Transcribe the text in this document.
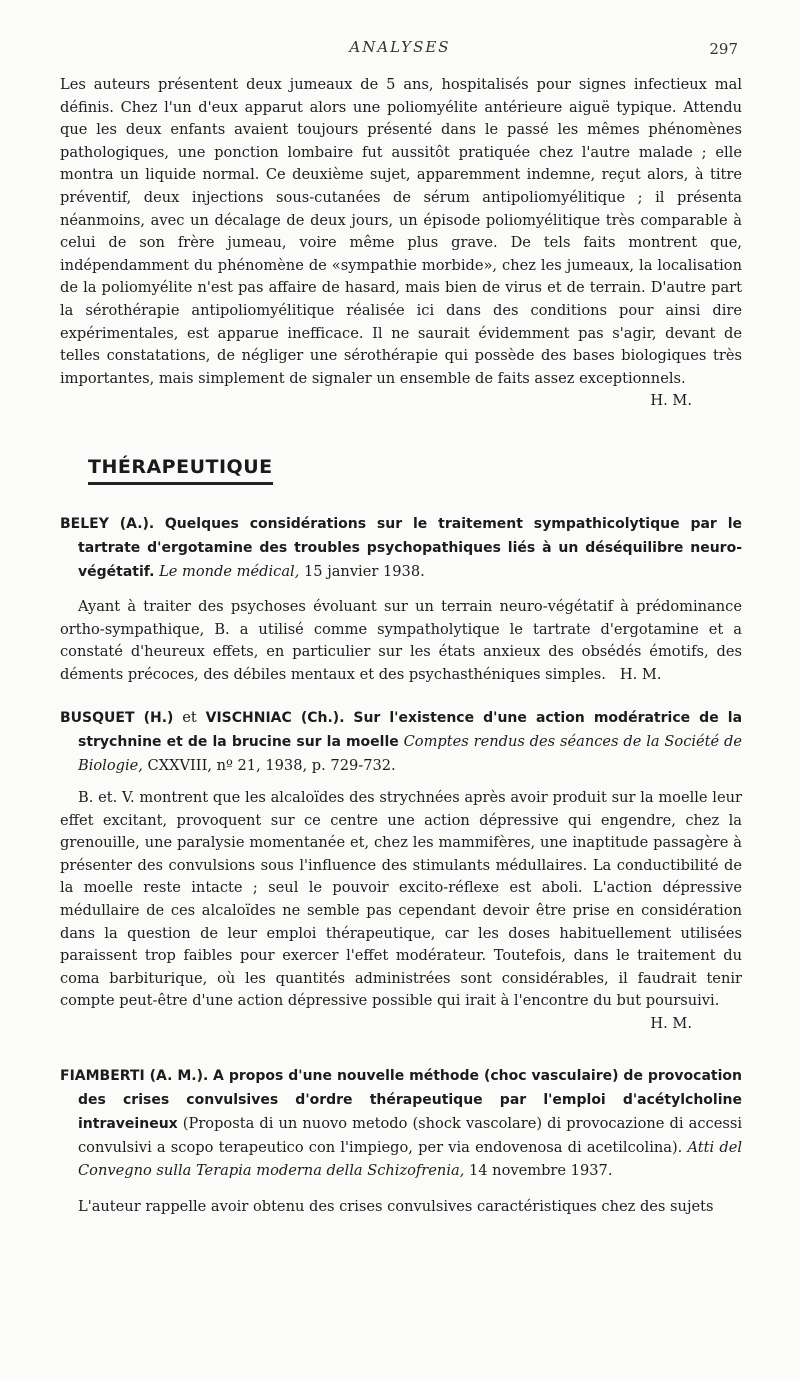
ANALYSES	297

Les auteurs présentent deux jumeaux de 5 ans, hospitalisés pour signes infectieux mal définis. Chez l'un d'eux apparut alors une poliomyélite antérieure aiguë typique. Attendu que les deux enfants avaient toujours présenté dans le passé les mêmes phénomènes pathologiques, une ponction lombaire fut aussitôt pratiquée chez l'autre malade ; elle montra un liquide normal. Ce deuxième sujet, apparemment indemne, reçut alors, à titre préventif, deux injections sous-cutanées de sérum antipoliomyélitique ; il présenta néanmoins, avec un décalage de deux jours, un épisode poliomyélitique très comparable à celui de son frère jumeau, voire même plus grave. De tels faits montrent que, indépendamment du phénomène de «sympathie morbide», chez les jumeaux, la localisation de la poliomyélite n'est pas affaire de hasard, mais bien de virus et de terrain. D'autre part la sérothérapie antipoliomyélitique réalisée ici dans des conditions pour ainsi dire expérimentales, est apparue inefficace. Il ne saurait évidemment pas s'agir, devant de telles constatations, de négliger une sérothérapie qui possède des bases biologiques très importantes, mais simplement de signaler un ensemble de faits assez exceptionnels.
H. M.

THÉRAPEUTIQUE
BELEY (A.). Quelques considérations sur le traitement sympathicolytique par le tartrate d'ergotamine des troubles psychopathiques liés à un déséquilibre neuro-végétatif. Le monde médical, 15 janvier 1938.

Ayant à traiter des psychoses évoluant sur un terrain neuro-végétatif à prédominance ortho-sympathique, B. a utilisé comme sympatholytique le tartrate d'ergotamine et a constaté d'heureux effets, en particulier sur les états anxieux des obsédés émotifs, des déments précoces, des débiles mentaux et des psychasthéniques simples. H. M.

BUSQUET (H.) et VISCHNIAC (Ch.). Sur l'existence d'une action modératrice de la strychnine et de la brucine sur la moelle Comptes rendus des séances de la Société de Biologie, CXXVIII, nº 21, 1938, p. 729-732.

B. et. V. montrent que les alcaloïdes des strychnées après avoir produit sur la moelle leur effet excitant, provoquent sur ce centre une action dépressive qui engendre, chez la grenouille, une paralysie momentanée et, chez les mammifères, une inaptitude passagère à présenter des convulsions sous l'influence des stimulants médullaires. La conductibilité de la moelle reste intacte ; seul le pouvoir excito-réflexe est aboli. L'action dépressive médullaire de ces alcaloïdes ne semble pas cependant devoir être prise en considération dans la question de leur emploi thérapeutique, car les doses habituellement utilisées paraissent trop faibles pour exercer l'effet modérateur. Toutefois, dans le traitement du coma barbiturique, où les quantités administrées sont considérables, il faudrait tenir compte peut-être d'une action dépressive possible qui irait à l'encontre du but poursuivi.
H. M.

FIAMBERTI (A. M.). A propos d'une nouvelle méthode (choc vasculaire) de provocation des crises convulsives d'ordre thérapeutique par l'emploi d'acétylcholine intraveineux (Proposta di un nuovo metodo (shock vascolare) di provocazione di accessi convulsivi a scopo terapeutico con l'impiego, per via endovenosa di acetilcolina). Atti del Convegno sulla Terapia moderna della Schizofrenia, 14 novembre 1937.

L'auteur rappelle avoir obtenu des crises convulsives caractéristiques chez des sujets
